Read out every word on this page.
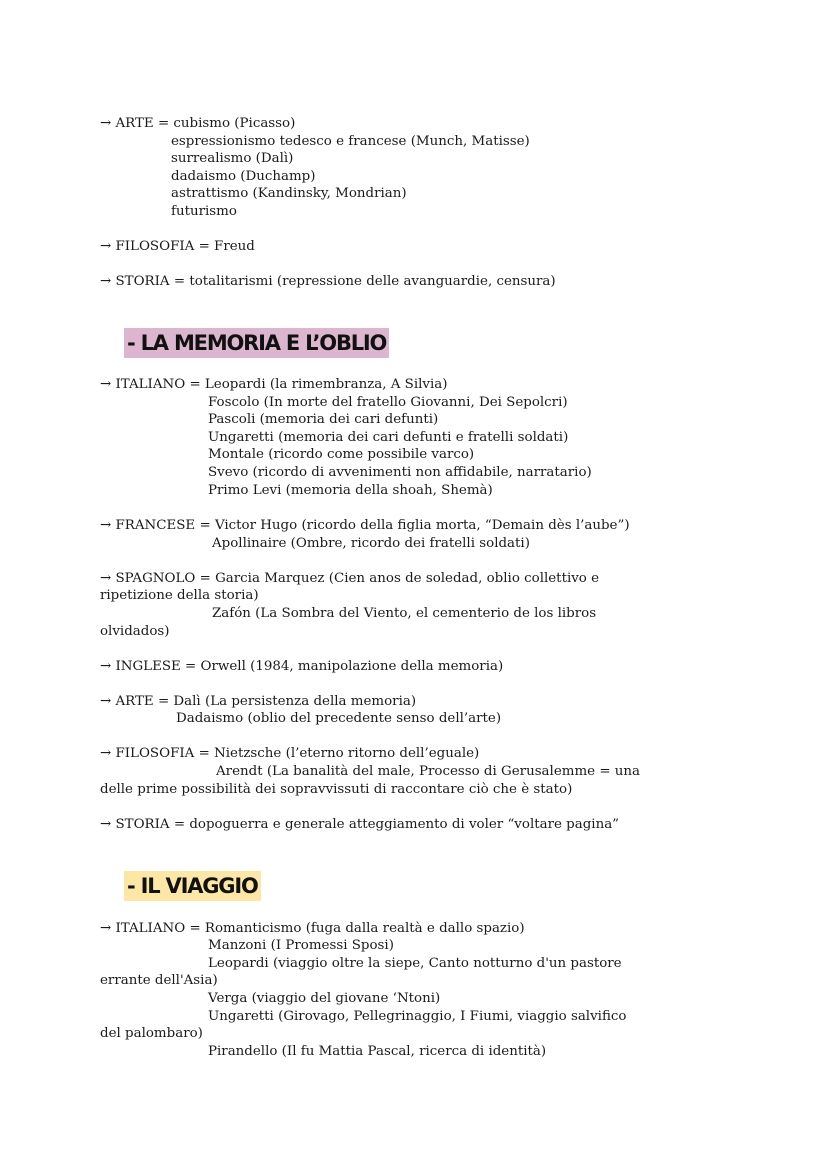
→ ARTE = cubismo (Picasso)

espressionismo tedesco e francese (Munch, Matisse)

surrealismo (Dalì)

dadaismo (Duchamp)

astrattismo (Kandinsky, Mondrian)

futurismo

→ FILOSOFIA = Freud

→ STORIA = totalitarismi (repressione delle avanguardie, censura)

- LA MEMORIA E L’OBLIO

→ ITALIANO = Leopardi (la rimembranza, A Silvia)

Foscolo (In morte del fratello Giovanni, Dei Sepolcri)

Pascoli (memoria dei cari defunti)

Ungaretti (memoria dei cari defunti e fratelli soldati)

Montale (ricordo come possibile varco)

Svevo (ricordo di avvenimenti non affidabile, narratario)

Primo Levi (memoria della shoah, Shemà)

→ FRANCESE = Victor Hugo (ricordo della figlia morta, “Demain dès l’aube”)

Apollinaire (Ombre, ricordo dei fratelli soldati)

→ SPAGNOLO = Garcia Marquez (Cien anos de soledad, oblio collettivo e

ripetizione della storia)

Zafón (La Sombra del Viento, el cementerio de los libros

olvidados)

→ INGLESE = Orwell (1984, manipolazione della memoria)

→ ARTE = Dalì (La persistenza della memoria)

Dadaismo (oblio del precedente senso dell’arte)

→ FILOSOFIA = Nietzsche (l’eterno ritorno dell’eguale)

Arendt (La banalità del male, Processo di Gerusalemme = una

delle prime possibilità dei sopravvissuti di raccontare ciò che è stato)

→ STORIA = dopoguerra e generale atteggiamento di voler “voltare pagina”

- IL VIAGGIO

→ ITALIANO = Romanticismo (fuga dalla realtà e dallo spazio)

Manzoni (I Promessi Sposi)

Leopardi (viaggio oltre la siepe, Canto notturno d'un pastore

errante dell'Asia)

Verga (viaggio del giovane ‘Ntoni)

Ungaretti (Girovago, Pellegrinaggio, I Fiumi, viaggio salvifico

del palombaro)

Pirandello (Il fu Mattia Pascal, ricerca di identità)
